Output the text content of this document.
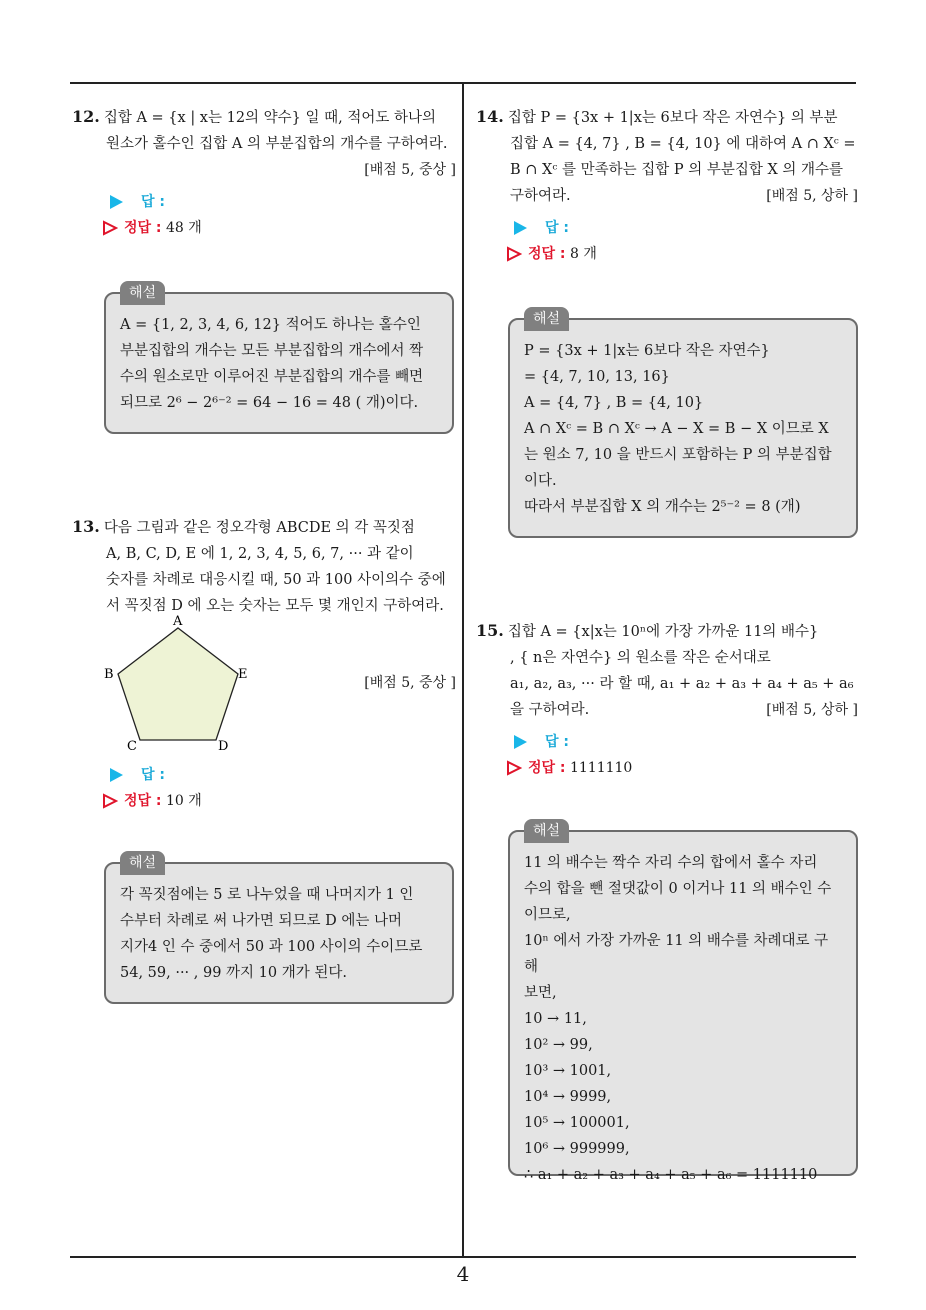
12. 집합 A = {x | x는 12의 약수} 일 때, 적어도 하나의
원소가 홀수인 집합 A 의 부분집합의 개수를 구하여라.
[배점 5, 중상 ]
답 :
정답 : 48 개
해설

A = {1, 2, 3, 4, 6, 12} 적어도 하나는 홀수인

부분집합의 개수는 모든 부분집합의 개수에서 짝

수의 원소로만 이루어진 부분집합의 개수를 빼면

되므로 2⁶ − 2⁶⁻² = 64 − 16 = 48 ( 개)이다.

13. 다음 그림과 같은 정오각형 ABCDE 의 각 꼭짓점
A, B, C, D, E 에 1, 2, 3, 4, 5, 6, 7, ··· 과 같이
숫자를 차례로 대응시킬 때, 50 과 100 사이의수 중에
서 꼭짓점 D 에 오는 숫자는 모두 몇 개인지 구하여라.
A
B	E
C	D
[배점 5, 중상 ]
답 :
정답 : 10 개
해설

각 꼭짓점에는 5 로 나누었을 때 나머지가 1 인

수부터 차례로 써 나가면 되므로 D 에는 나머

지가4 인 수 중에서 50 과 100 사이의 수이므로

54, 59, ··· , 99 까지 10 개가 된다.

14. 집합 P = {3x + 1|x는 6보다 작은 자연수} 의 부분
집합 A = {4, 7} , B = {4, 10} 에 대하여 A ∩ Xᶜ =
B ∩ Xᶜ 를 만족하는 집합 P 의 부분집합 X 의 개수를
구하여라.	[배점 5, 상하 ]
답 :
정답 : 8 개
해설

P = {3x + 1|x는 6보다 작은 자연수}

= {4, 7, 10, 13, 16}

A = {4, 7} , B = {4, 10}

A ∩ Xᶜ = B ∩ Xᶜ → A − X = B − X 이므로 X

는 원소 7, 10 을 반드시 포함하는 P 의 부분집합

이다.

따라서 부분집합 X 의 개수는 2⁵⁻² = 8 (개)

15. 집합 A = {x|x는 10ⁿ에 가장 가까운 11의 배수}
, { n은 자연수} 의 원소를 작은 순서대로
a₁, a₂, a₃, ··· 라 할 때, a₁ + a₂ + a₃ + a₄ + a₅ + a₆
을 구하여라.	[배점 5, 상하 ]
답 :
정답 : 1111110
해설

11 의 배수는 짝수 자리 수의 합에서 홀수 자리

수의 합을 뺀 절댓값이 0 이거나 11 의 배수인 수

이므로,

10ⁿ 에서 가장 가까운 11 의 배수를 차례대로 구해

보면,

10 → 11,

10² → 99,

10³ → 1001,

10⁴ → 9999,

10⁵ → 100001,

10⁶ → 999999,

∴ a₁ + a₂ + a₃ + a₄ + a₅ + a₆ = 1111110

4
